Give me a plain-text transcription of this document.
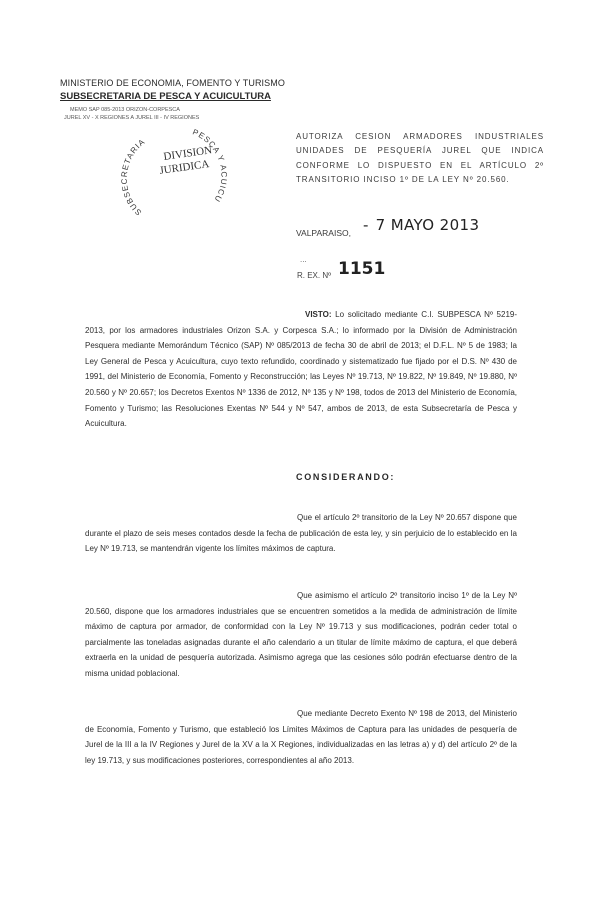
MINISTERIO DE ECONOMIA, FOMENTO Y TURISMO
SUBSECRETARIA DE PESCA Y ACUICULTURA
MEMO SAP 085-2013 ORIZON-CORPESCA
JUREL XV - X REGIONES A JUREL III - IV REGIONES
SUBSECRETARIA
PESCA Y ACUICU
DIVISION
JURIDICA
AUTORIZA CESION ARMADORES INDUSTRIALES UNIDADES DE PESQUERÍA JUREL QUE INDICA CONFORME LO DISPUESTO EN EL ARTÍCULO 2º TRANSITORIO INCISO 1º DE LA LEY Nº 20.560.
VALPARAISO, - 7 MAYO 2013
...
R. EX. Nº 1151
VISTO: Lo solicitado mediante C.I. SUBPESCA Nº 5219-2013, por los armadores industriales Orizon S.A. y Corpesca S.A.; lo informado por la División de Administración Pesquera mediante Memorándum Técnico (SAP) Nº 085/2013 de fecha 30 de abril de 2013; el D.F.L. Nº 5 de 1983; la Ley General de Pesca y Acuicultura, cuyo texto refundido, coordinado y sistematizado fue fijado por el D.S. Nº 430 de 1991, del Ministerio de Economía, Fomento y Reconstrucción; las Leyes Nº 19.713, Nº 19.822, Nº 19.849, Nº 19.880, Nº 20.560 y Nº 20.657; los Decretos Exentos Nº 1336 de 2012, Nº 135 y Nº 198, todos de 2013 del Ministerio de Economía, Fomento y Turismo; las Resoluciones Exentas Nº 544 y Nº 547, ambos de 2013, de esta Subsecretaría de Pesca y Acuicultura.
CONSIDERANDO:
Que el artículo 2º transitorio de la Ley Nº 20.657 dispone que durante el plazo de seis meses contados desde la fecha de publicación de esta ley, y sin perjuicio de lo establecido en la Ley Nº 19.713, se mantendrán vigente los límites máximos de captura.
Que asimismo el artículo 2º transitorio inciso 1º de la Ley Nº 20.560, dispone que los armadores industriales que se encuentren sometidos a la medida de administración de límite máximo de captura por armador, de conformidad con la Ley Nº 19.713 y sus modificaciones, podrán ceder total o parcialmente las toneladas asignadas durante el año calendario a un titular de límite máximo de captura, el que deberá extraerla en la unidad de pesquería autorizada. Asimismo agrega que las cesiones sólo podrán efectuarse dentro de la misma unidad poblacional.
Que mediante Decreto Exento Nº 198 de 2013, del Ministerio de Economía, Fomento y Turismo, que estableció los Límites Máximos de Captura para las unidades de pesquería de Jurel de la III a la IV Regiones y Jurel de la XV a la X Regiones, individualizadas en las letras a) y d) del artículo 2º de la ley 19.713, y sus modificaciones posteriores, correspondientes al año 2013.
